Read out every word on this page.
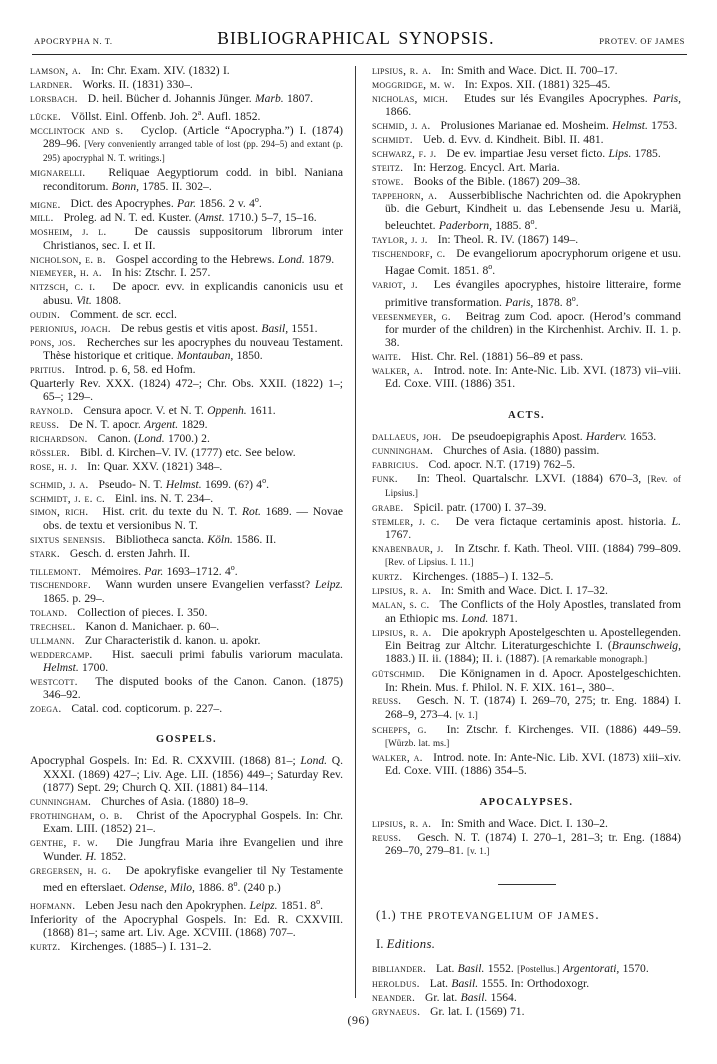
APOCRYPHA N. T.	BIBLIOGRAPHICAL SYNOPSIS.	PROTEV. OF JAMES

lamson, a. In: Chr. Exam. XIV. (1832) I.

lardner. Works. II. (1831) 330–.

lorsbach. D. heil. Bücher d. Johannis Jünger. Marb. 1807.

lücke. Völlst. Einl. Offenb. Joh. 2$^a$. Aufl. 1852.

mcclintock and s. Cyclop. (Article “Apocrypha.”) I. (1874) 289–96. [Very conveniently arranged table of lost (pp. 294–5) and extant (p. 295) apocryphal N. T. writings.]

mignarelli. Reliquae Aegyptiorum codd. in bibl. Naniana reconditorum. Bonn, 1785. II. 302–.

migne. Dict. des Apocryphes. Par. 1856. 2 v. 4$^o$.

mill. Proleg. ad N. T. ed. Kuster. (Amst. 1710.) 5–7, 15–16.

mosheim, j. l. De caussis suppositorum librorum inter Christianos, sec. I. et II.

nicholson, e. b. Gospel according to the Hebrews. Lond. 1879.

niemeyer, h. a. In his: Ztschr. I. 257.

nitzsch, c. i. De apocr. evv. in explicandis canonicis usu et abusu. Vit. 1808.

oudin. Comment. de scr. eccl.

perionius, joach. De rebus gestis et vitis apost. Basil, 1551.

pons, jos. Recherches sur les apocryphes du nouveau Testament. Thèse historique et critique. Montauban, 1850.

pritius. Introd. p. 6, 58. ed Hofm.

Quarterly Rev. XXX. (1824) 472–; Chr. Obs. XXII. (1822) 1–; 65–; 129–.

raynold. Censura apocr. V. et N. T. Oppenh. 1611.

reuss. De N. T. apocr. Argent. 1829.

richardson. Canon. (Lond. 1700.) 2.

rössler. Bibl. d. Kirchen–V. IV. (1777) etc. See below.

rose, h. j. In: Quar. XXV. (1821) 348–.

schmid, j. a. Pseudo- N. T. Helmst. 1699. (6?) 4$^o$.

schmidt, j. e. c. Einl. ins. N. T. 234–.

simon, rich. Hist. crit. du texte du N. T. Rot. 1689. — Novae obs. de textu et versionibus N. T.

sixtus senensis. Bibliotheca sancta. Köln. 1586. II.

stark. Gesch. d. ersten Jahrh. II.

tillemont. Mémoires. Par. 1693–1712. 4$^o$.

tischendorf. Wann wurden unsere Evangelien verfasst? Leipz. 1865. p. 29–.

toland. Collection of pieces. I. 350.

trechsel. Kanon d. Manichaer. p. 60–.

ullmann. Zur Characteristik d. kanon. u. apokr.

weddercamp. Hist. saeculi primi fabulis variorum maculata. Helmst. 1700.

westcott. The disputed books of the Canon. Canon. (1875) 346–92.

zoega. Catal. cod. copticorum. p. 227–.

GOSPELS.

Apocryphal Gospels. In: Ed. R. CXXVIII. (1868) 81–; Lond. Q. XXXI. (1869) 427–; Liv. Age. LII. (1856) 449–; Saturday Rev. (1877) Sept. 29; Church Q. XII. (1881) 84–114.

cunningham. Churches of Asia. (1880) 18–9.

frothingham, o. b. Christ of the Apocryphal Gospels. In: Chr. Exam. LIII. (1852) 21–.

genthe, f. w. Die Jungfrau Maria ihre Evangelien und ihre Wunder. H. 1852.

gregersen, h. g. De apokryfiske evangelier til Ny Testamente med en efterslaet. Odense, Milo, 1886. 8$^o$. (240 p.)

hofmann. Leben Jesu nach den Apokryphen. Leipz. 1851. 8$^o$.

Inferiority of the Apocryphal Gospels. In: Ed. R. CXXVIII. (1868) 81–; same art. Liv. Age. XCVIII. (1868) 707–.

kurtz. Kirchenges. (1885–) I. 131–2.

lipsius, r. a. In: Smith and Wace. Dict. II. 700–17.

moggridge, m. w. In: Expos. XII. (1881) 325–45.

nicholas, mich. Etudes sur lés Evangiles Apocryphes. Paris, 1866.

schmid, j. a. Prolusiones Marianae ed. Mosheim. Helmst. 1753.

schmidt. Ueb. d. Evv. d. Kindheit. Bibl. II. 481.

schwarz, f. j. De ev. impartiae Jesu verset ficto. Lips. 1785.

steitz. In: Herzog. Encycl. Art. Maria.

stowe. Books of the Bible. (1867) 209–38.

tappehorn, a. Ausserbiblische Nachrichten od. die Apokryphen üb. die Geburt, Kindheit u. das Lebensende Jesu u. Mariä, beleuchtet. Paderborn, 1885. 8$^o$.

taylor, j. j. In: Theol. R. IV. (1867) 149–.

tischendorf, c. De evangeliorum apocryphorum origene et usu. Hagae Comit. 1851. 8$^o$.

variot, j. Les évangiles apocryphes, histoire litteraire, forme primitive transformation. Paris, 1878. 8$^o$.

veesenmeyer, g. Beitrag zum Cod. apocr. (Herod’s command for murder of the children) in the Kirchenhist. Archiv. II. 1. p. 38.

waite. Hist. Chr. Rel. (1881) 56–89 et pass.

walker, a. Introd. note. In: Ante-Nic. Lib. XVI. (1873) vii–viii. Ed. Coxe. VIII. (1886) 351.

ACTS.

dallaeus, joh. De pseudoepigraphis Apost. Harderv. 1653.

cunningham. Churches of Asia. (1880) passim.

fabricius. Cod. apocr. N.T. (1719) 762–5.

funk. In: Theol. Quartalschr. LXVI. (1884) 670–3, [Rev. of Lipsius.]

grabe. Spicil. patr. (1700) I. 37–39.

stemler, j. c. De vera fictaque certaminis apost. historia. L. 1767.

knabenbaur, j. In Ztschr. f. Kath. Theol. VIII. (1884) 799–809. [Rev. of Lipsius. I. 11.]

kurtz. Kirchenges. (1885–) I. 132–5.

lipsius, r. a. In: Smith and Wace. Dict. I. 17–32.

malan, s. c. The Conflicts of the Holy Apostles, translated from an Ethiopic ms. Lond. 1871.

lipsius, r. a. Die apokryph Apostelgeschten u. Apostellegenden. Ein Beitrag zur Altchr. Literaturgeschichte I. (Braunschweig, 1883.) II. ii. (1884); II. i. (1887). [A remarkable monograph.]

gütschmid. Die Könignamen in d. Apocr. Apostelgeschichten. In: Rhein. Mus. f. Philol. N. F. XIX. 161–, 380–.

reuss. Gesch. N. T. (1874) I. 269–70, 275; tr. Eng. 1884) I. 268–9, 273–4. [v. 1.]

schepfs, g. In: Ztschr. f. Kirchenges. VII. (1886) 449–59. [Würzb. lat. ms.]

walker, a. Introd. note. In: Ante-Nic. Lib. XVI. (1873) xiii–xiv. Ed. Coxe. VIII. (1886) 354–5.

APOCALYPSES.

lipsius, r. a. In: Smith and Wace. Dict. I. 130–2.

reuss. Gesch. N. T. (1874) I. 270–1, 281–3; tr. Eng. (1884) 269–70, 279–81. [v. 1.]

(1.) the protevangelium of james.
I. Editions.

bibliander. Lat. Basil. 1552. [Postellus.] Argentorati, 1570.

heroldus. Lat. Basil. 1555. In: Orthodoxogr.

neander. Gr. lat. Basil. 1564.

grynaeus. Gr. lat. I. (1569) 71.

(96)
